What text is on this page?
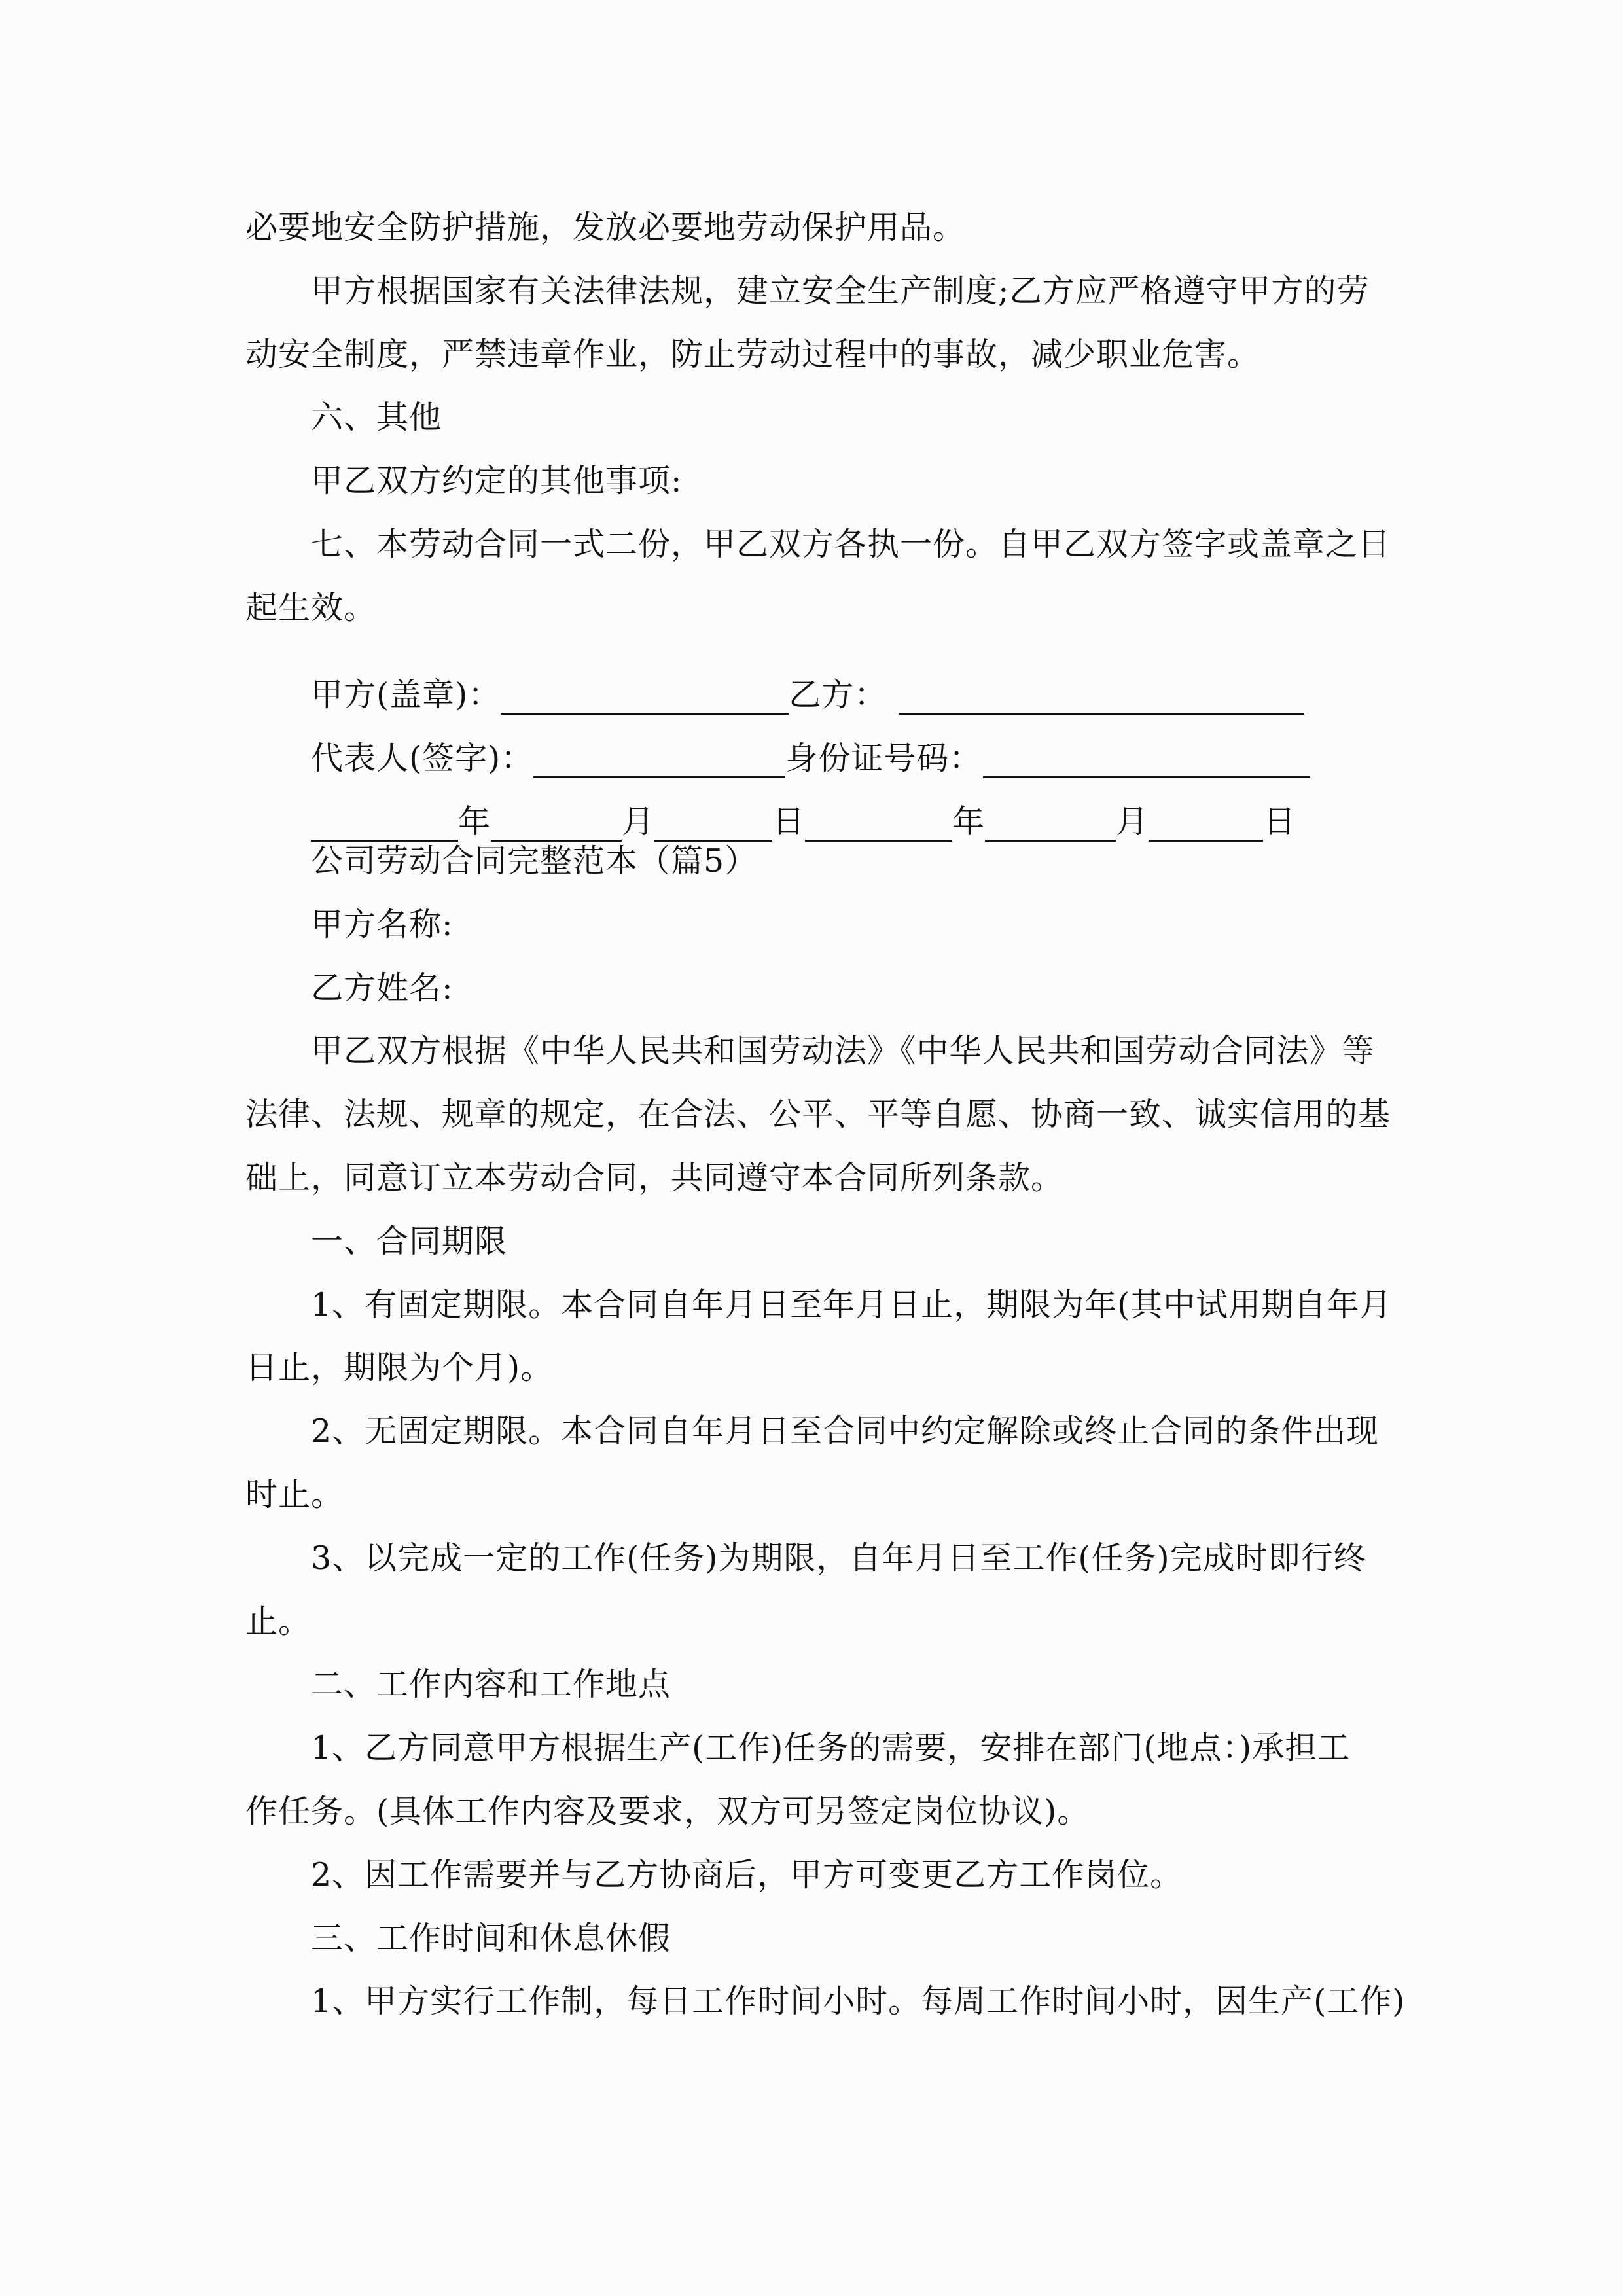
必要地安全防护措施，发放必要地劳动保护用品。
甲方根据国家有关法律法规，建立安全生产制度;乙方应严格遵守甲方的劳
动安全制度，严禁违章作业，防止劳动过程中的事故，减少职业危害。
六、其他
甲乙双方约定的其他事项:
七、本劳动合同一式二份，甲乙双方各执一份。自甲乙双方签字或盖章之日
起生效。
甲方(盖章)：	乙方：
代表人(签字)：	身份证号码：
年	月	日	年	月	日
公司劳动合同完整范本（篇5）
甲方名称:
乙方姓名:
甲乙双方根据《中华人民共和国劳动法》《中华人民共和国劳动合同法》等
法律、法规、规章的规定，在合法、公平、平等自愿、协商一致、诚实信用的基
础上，同意订立本劳动合同，共同遵守本合同所列条款。
一、合同期限
1、有固定期限。本合同自年月日至年月日止，期限为年(其中试用期自年月
日止，期限为个月)。
2、无固定期限。本合同自年月日至合同中约定解除或终止合同的条件出现
时止。
3、以完成一定的工作(任务)为期限，自年月日至工作(任务)完成时即行终
止。
二、工作内容和工作地点
1、乙方同意甲方根据生产(工作)任务的需要，安排在部门(地点：)承担工
作任务。(具体工作内容及要求，双方可另签定岗位协议)。
2、因工作需要并与乙方协商后，甲方可变更乙方工作岗位。
三、工作时间和休息休假
1、甲方实行工作制，每日工作时间小时。每周工作时间小时，因生产(工作)
